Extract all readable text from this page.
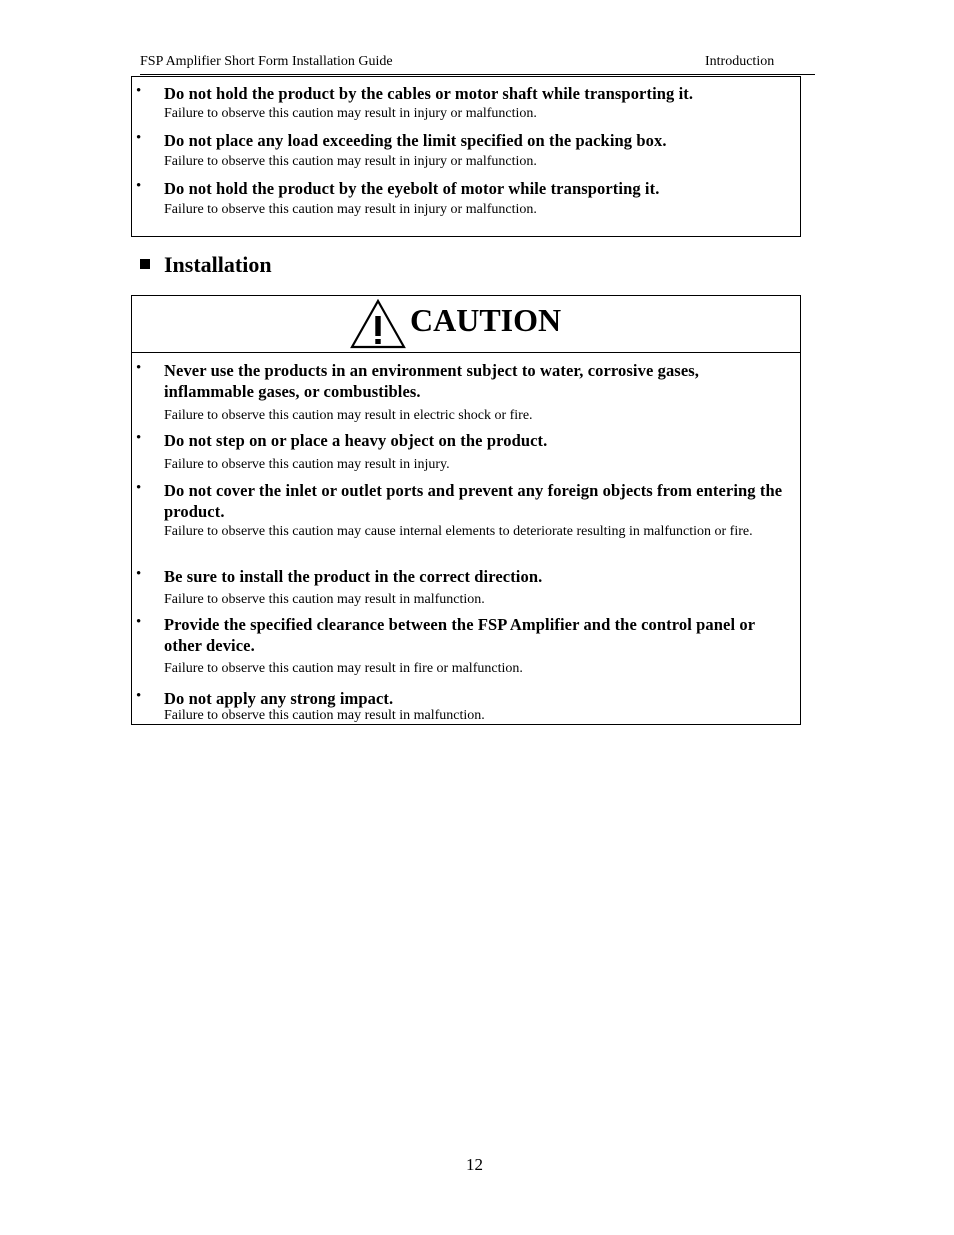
FSP Amplifier Short Form Installation Guide	Introduction
• Do not hold the product by the cables or motor shaft while transporting it.
Failure to observe this caution may result in injury or malfunction.
• Do not place any load exceeding the limit specified on the packing box.
Failure to observe this caution may result in injury or malfunction.
• Do not hold the product by the eyebolt of motor while transporting it.
Failure to observe this caution may result in injury or malfunction.
Installation
CAUTION
• Never use the products in an environment subject to water, corrosive gases, inflammable gases, or combustibles.
Failure to observe this caution may result in electric shock or fire.
• Do not step on or place a heavy object on the product.
Failure to observe this caution may result in injury.
• Do not cover the inlet or outlet ports and prevent any foreign objects from entering the product.
Failure to observe this caution may cause internal elements to deteriorate resulting in malfunction or fire.
• Be sure to install the product in the correct direction.
Failure to observe this caution may result in malfunction.
• Provide the specified clearance between the FSP Amplifier and the control panel or other device.
Failure to observe this caution may result in fire or malfunction.
• Do not apply any strong impact.
Failure to observe this caution may result in malfunction.
12
